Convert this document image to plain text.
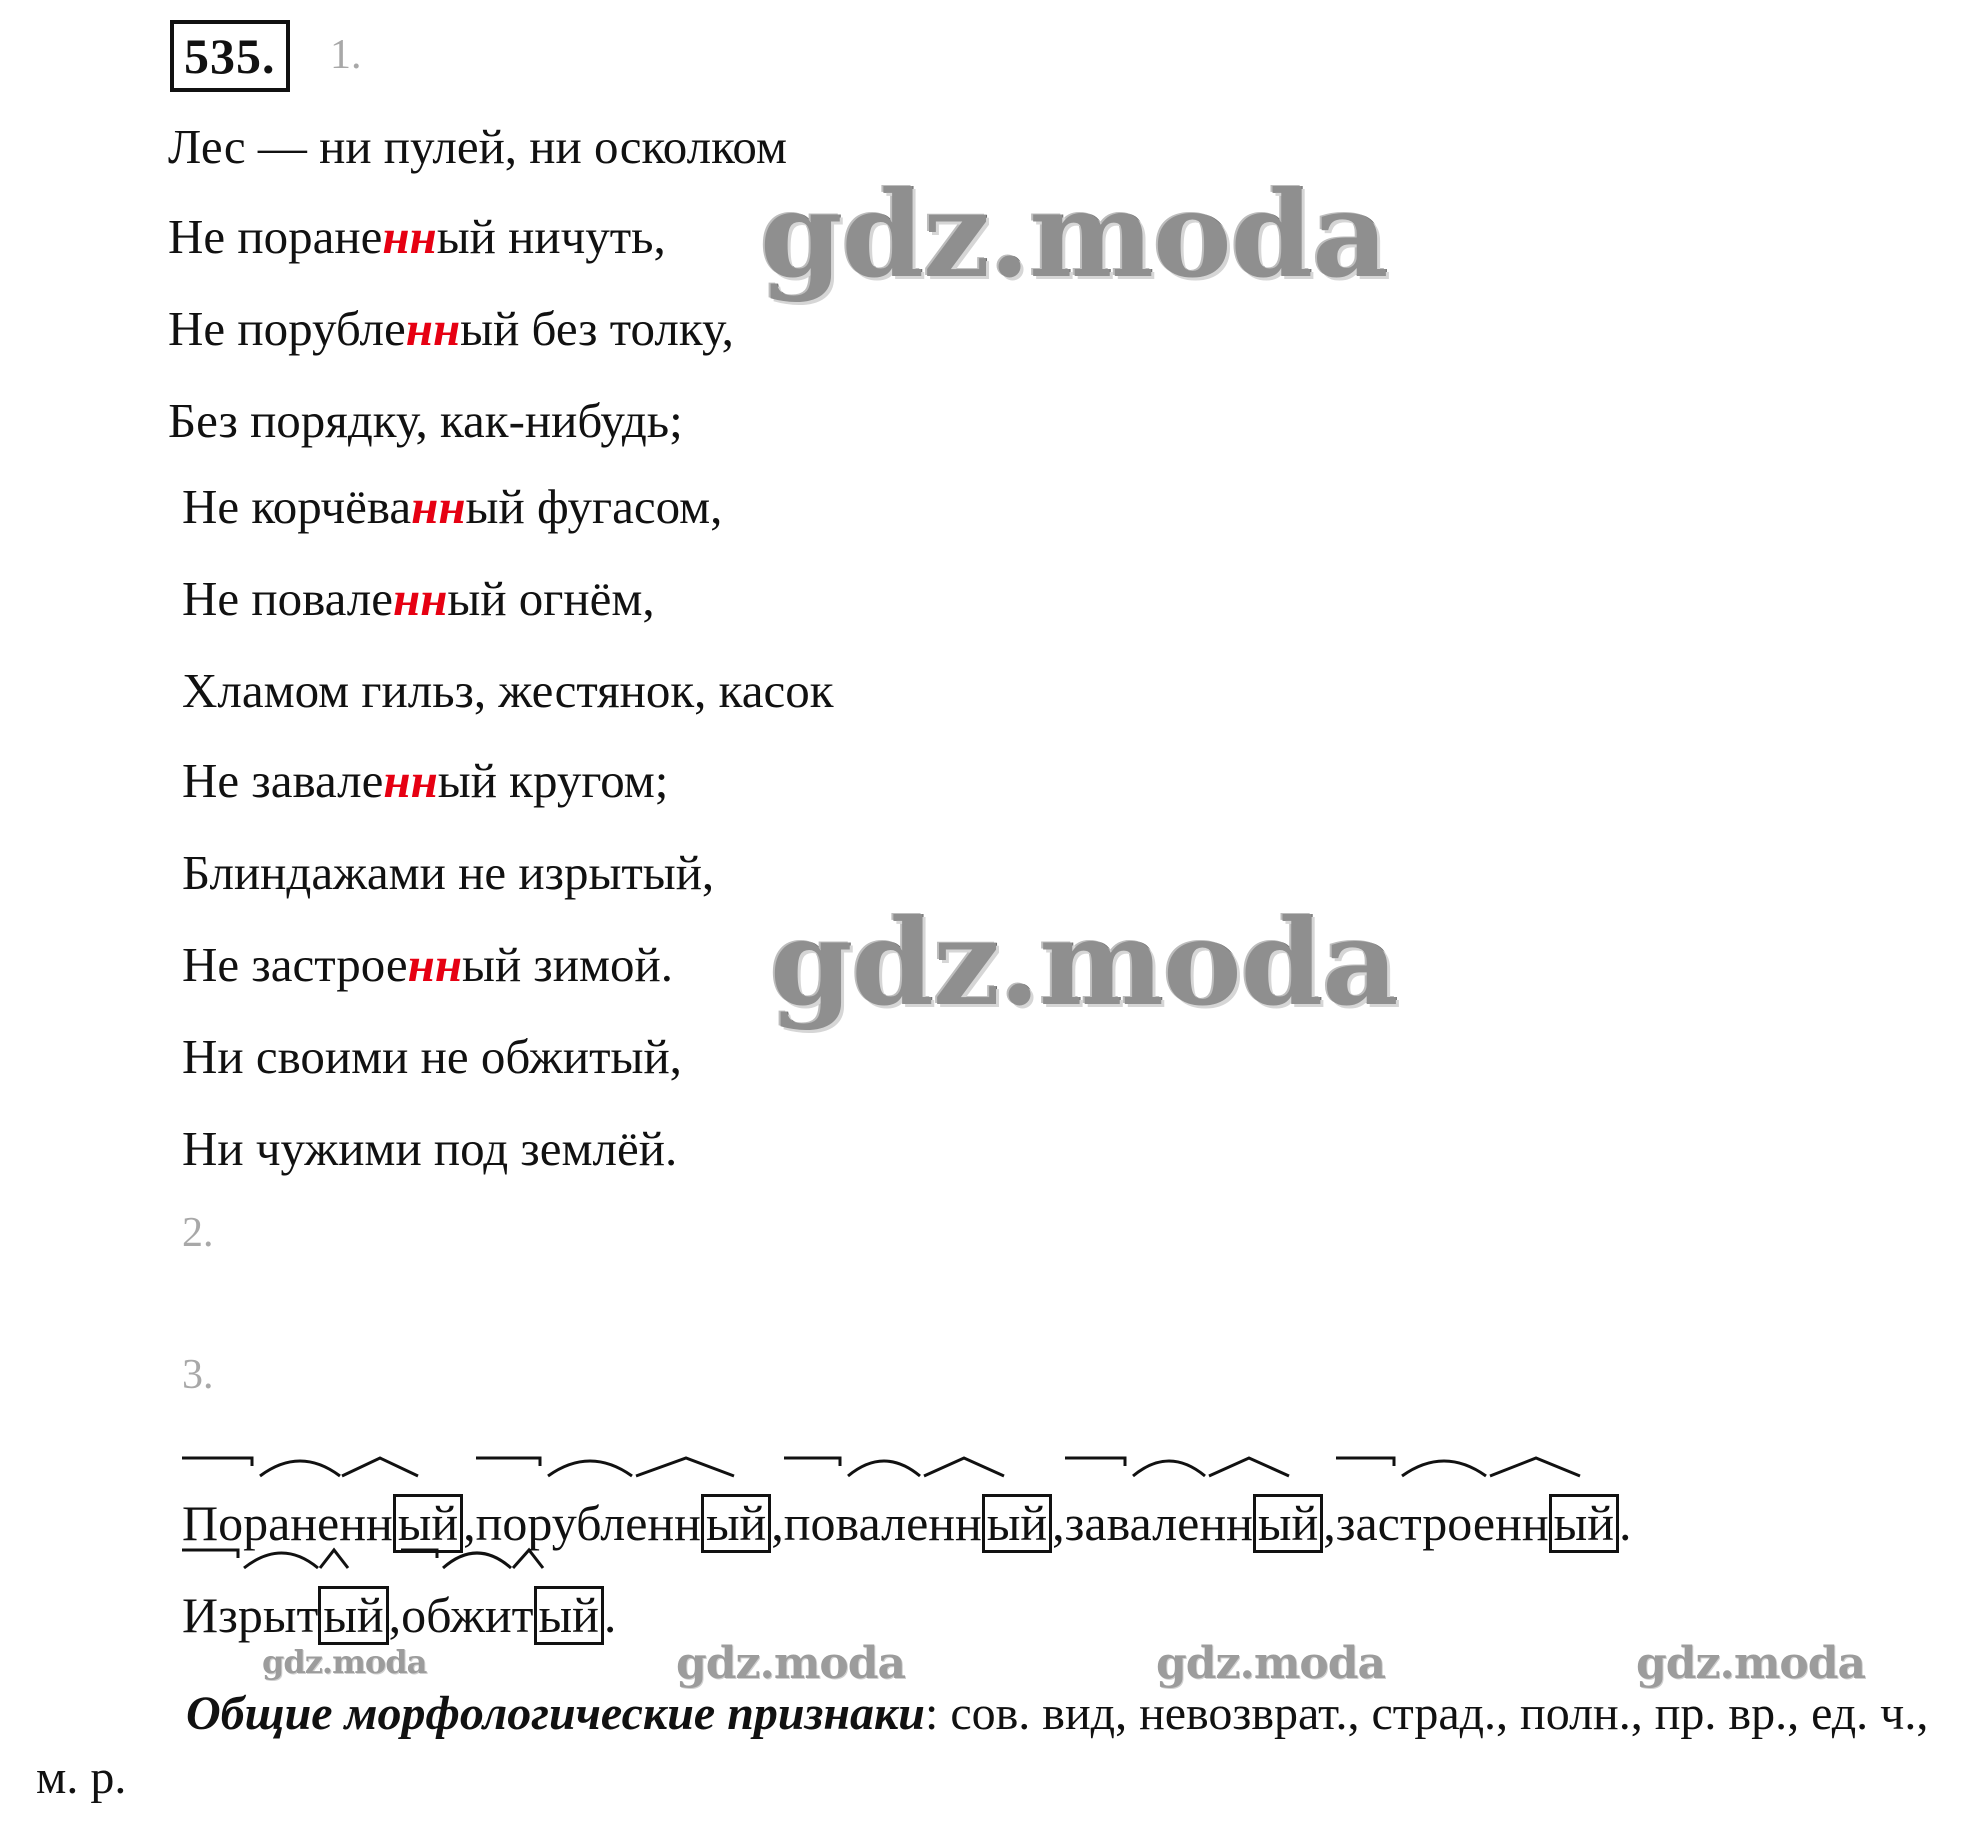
535.	1.
Лес — ни пулей, ни осколком
Не пораненный ничуть,
Не порубленный без толку,
Без порядку, как-нибудь;
Не корчёванный фугасом,
Не поваленный огнём,
Хламом гильз, жестянок, касок
Не заваленный кругом;
Блиндажами не изрытый,
Не застроенный зимой.
Ни своими не обжитый,
Ни чужими под землёй.
2.
3.
gdz.moda
gdz.moda
Пораненн ый ,
порубленн ый ,
поваленн ый ,
заваленн ый ,
застроенн ый .
Изрыт ый ,
обжит ый .
gdz.moda	gdz.moda	gdz.moda	gdz.moda
Общие морфологические признаки: сов. вид, невозврат., страд., полн., пр. вр., ед. ч., м. р.
